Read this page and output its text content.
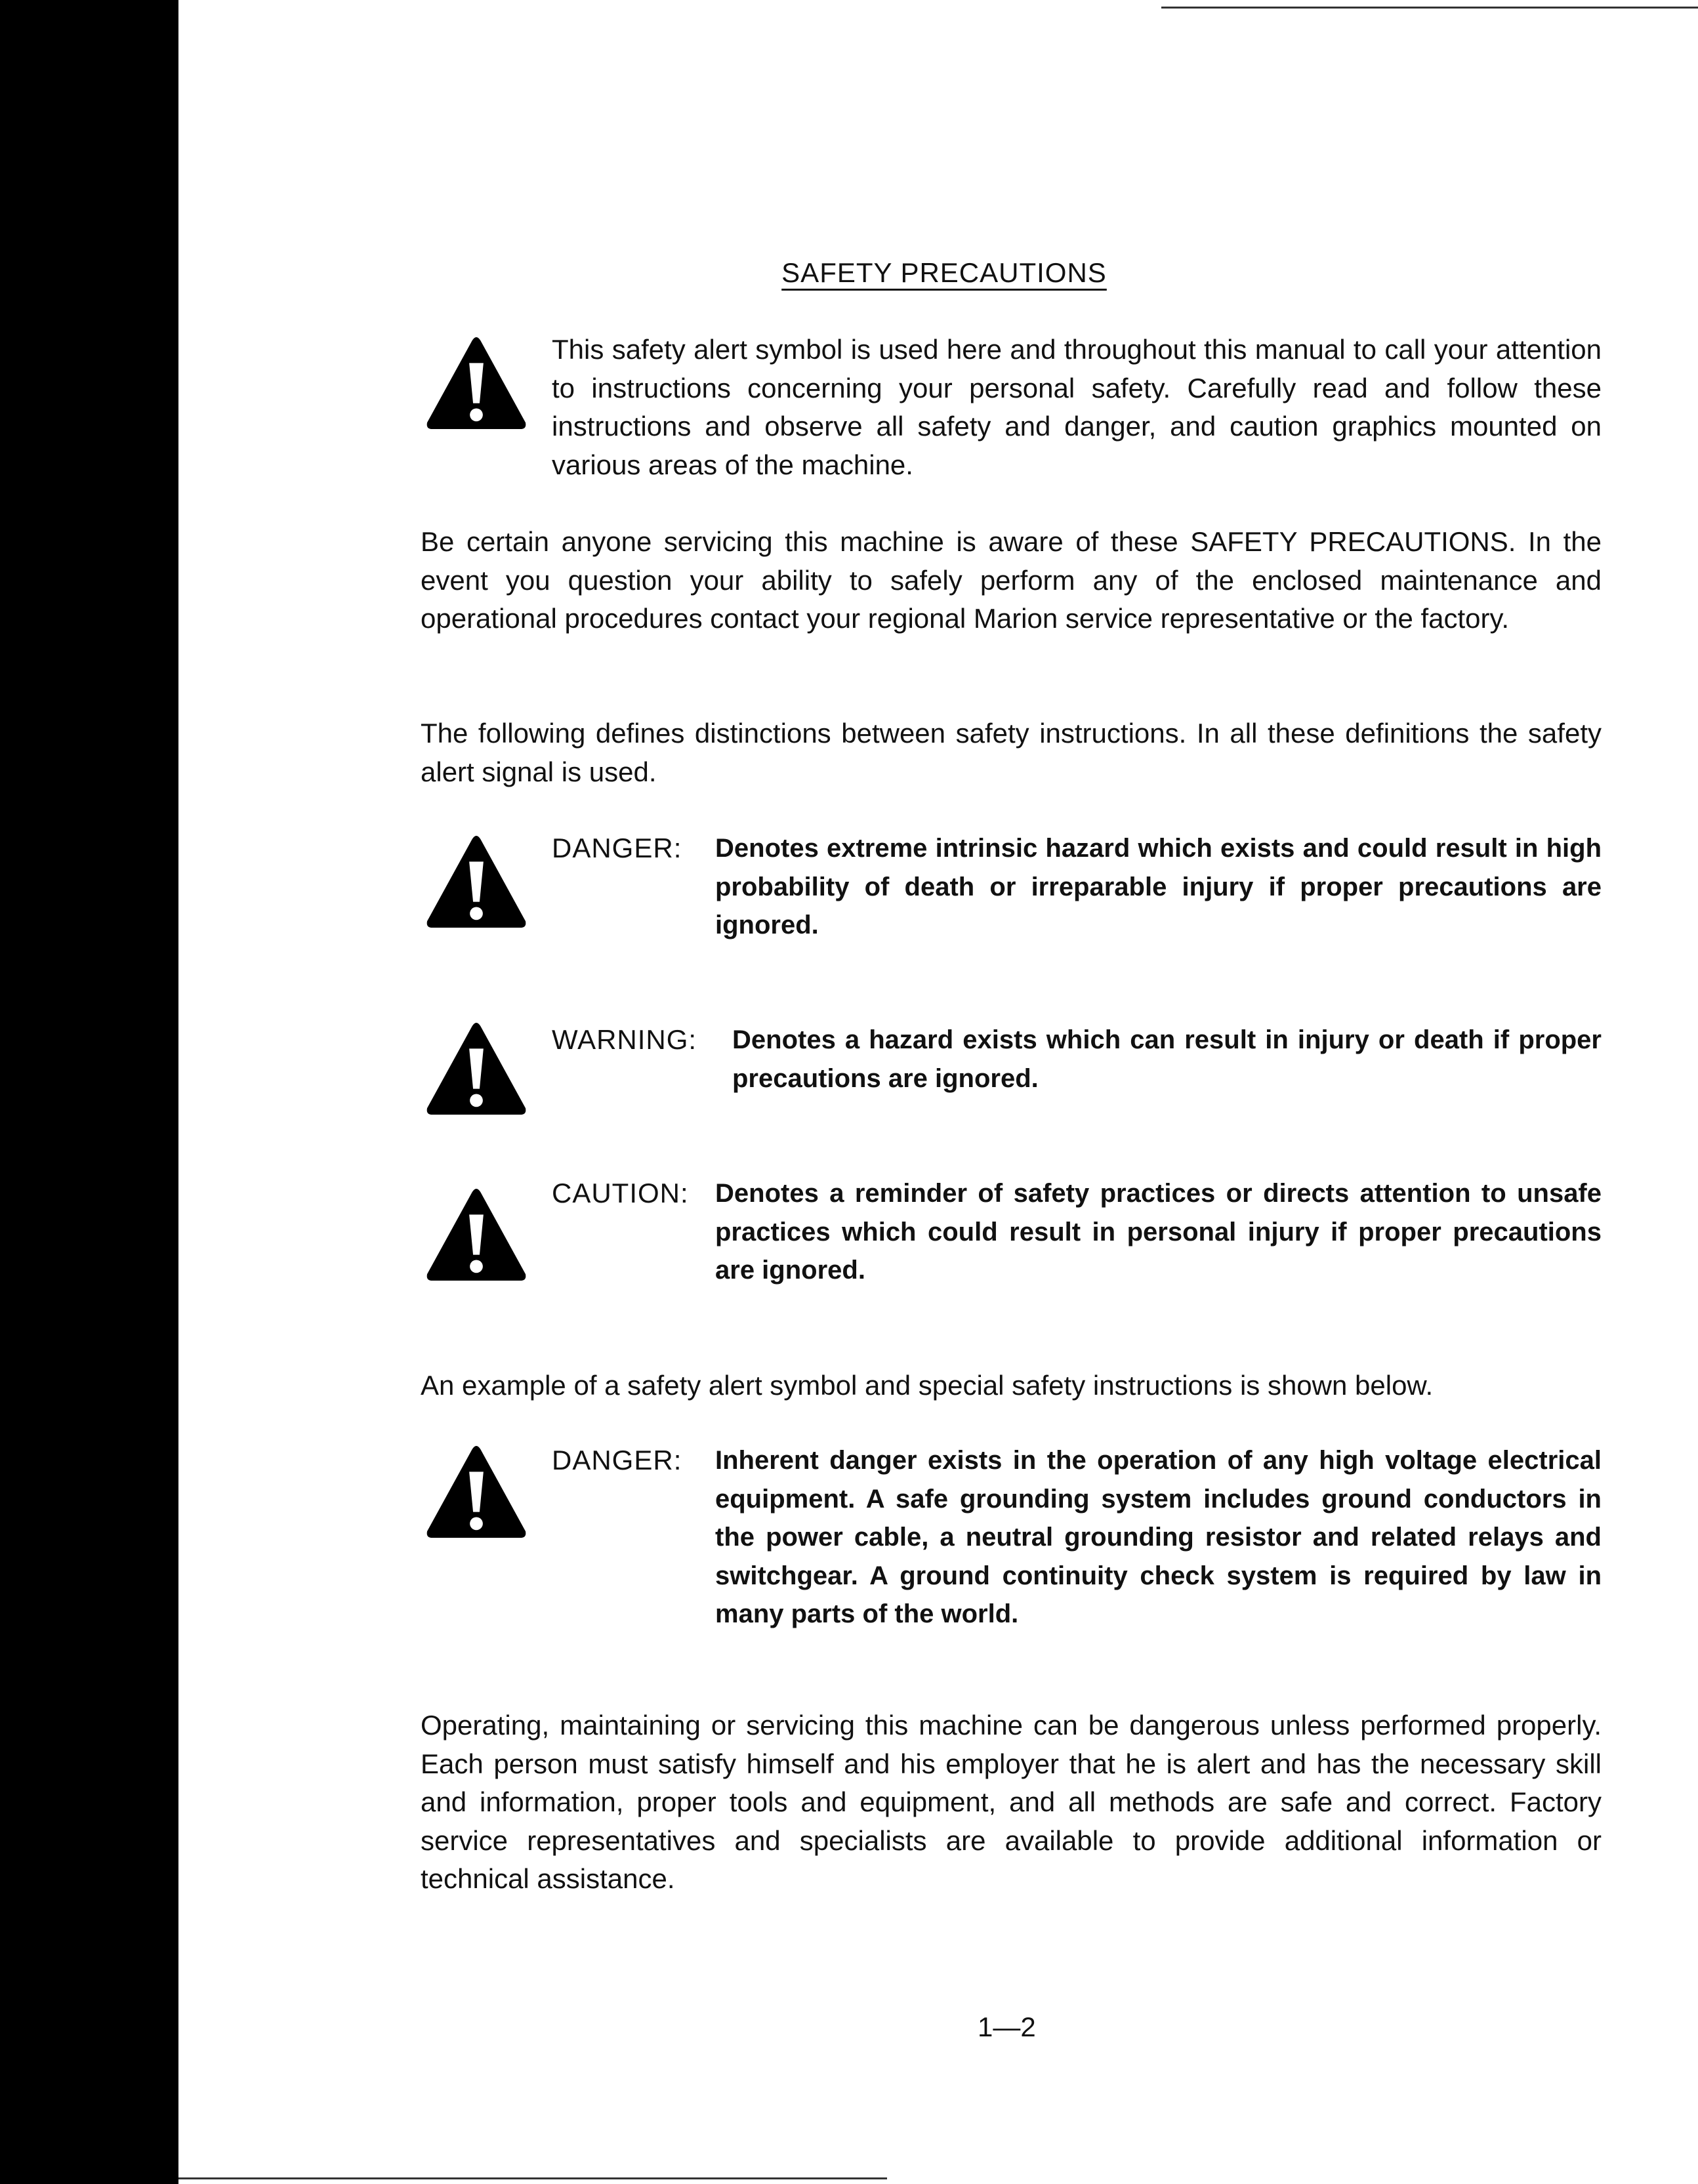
SAFETY PRECAUTIONS
This safety alert symbol is used here and throughout this manual to call your attention to instructions concerning your personal safety. Carefully read and follow these instructions and observe all safety and danger, and caution graphics mounted on various areas of the machine.
Be certain anyone servicing this machine is aware of these SAFETY PRECAUTIONS. In the event you question your ability to safely perform any of the enclosed maintenance and operational procedures contact your regional Marion service representative or the factory.
The following defines distinctions between safety instructions. In all these definitions the safety alert signal is used.
DANGER: Denotes extreme intrinsic hazard which exists and could result in high probability of death or irreparable injury if proper precautions are ignored.
WARNING: Denotes a hazard exists which can result in injury or death if proper precautions are ignored.
CAUTION: Denotes a reminder of safety practices or directs attention to unsafe practices which could result in personal injury if proper precautions are ignored.
An example of a safety alert symbol and special safety instructions is shown below.
DANGER: Inherent danger exists in the operation of any high voltage electrical equipment. A safe grounding system includes ground conductors in the power cable, a neutral grounding resistor and related relays and switchgear. A ground continuity check system is required by law in many parts of the world.
Operating, maintaining or servicing this machine can be dangerous unless performed properly. Each person must satisfy himself and his employer that he is alert and has the necessary skill and information, proper tools and equipment, and all methods are safe and correct. Factory service representatives and specialists are available to provide additional information or technical assistance.
1—2
